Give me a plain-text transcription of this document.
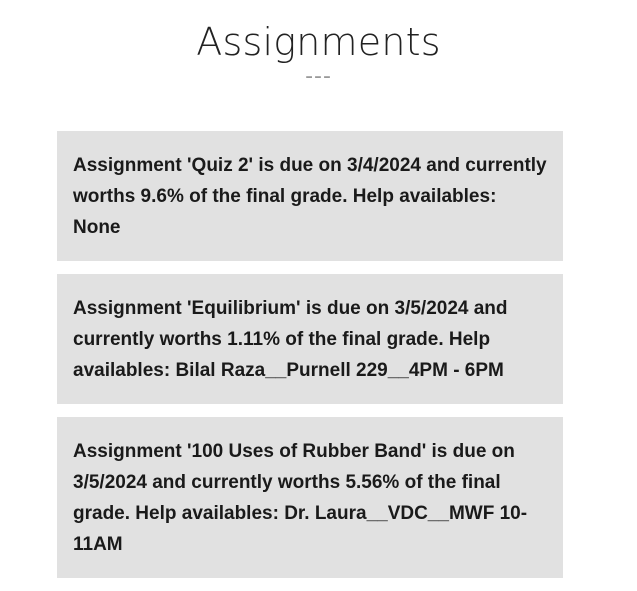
Assignments
---

Assignment 'Quiz 2' is due on 3/4/2024 and currently worths 9.6% of the final grade. Help availables: None

Assignment 'Equilibrium' is due on 3/5/2024 and currently worths 1.11% of the final grade. Help availables: Bilal Raza__Purnell 229__4PM - 6PM

Assignment '100 Uses of Rubber Band' is due on 3/5/2024 and currently worths 5.56% of the final grade. Help availables: Dr. Laura__VDC__MWF 10-11AM
